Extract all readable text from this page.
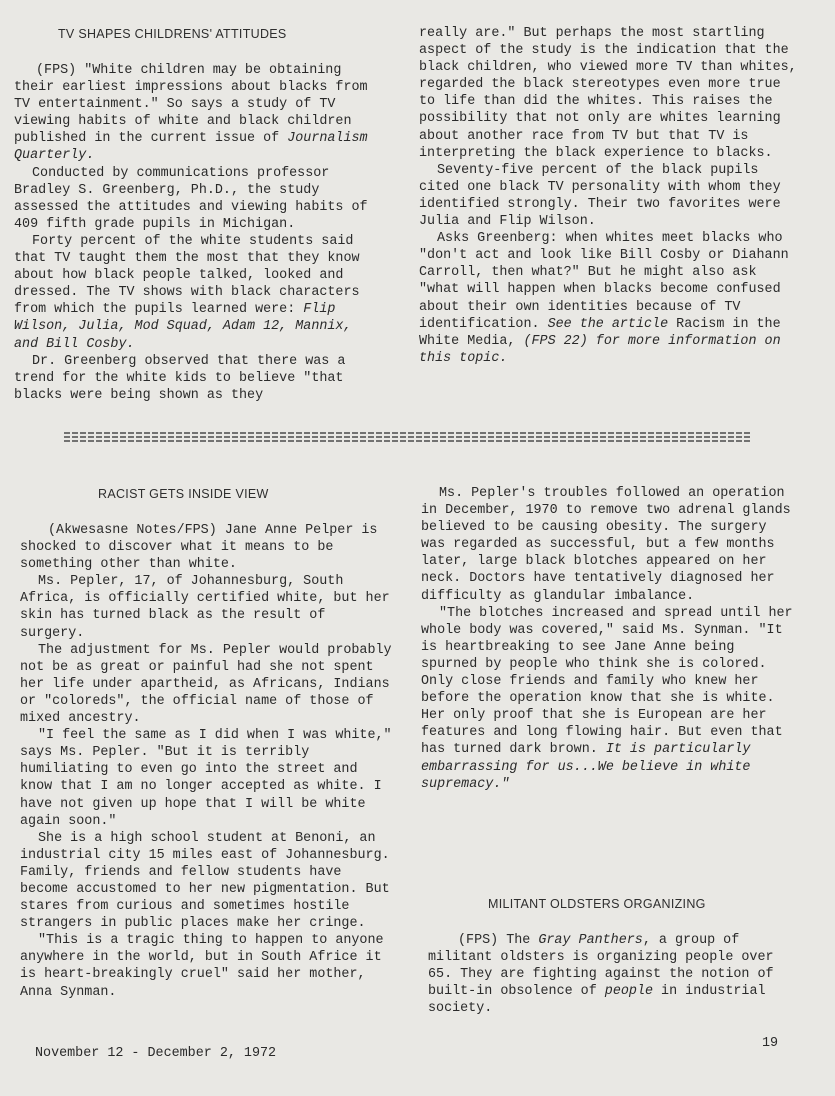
TV SHAPES CHILDRENS' ATTITUDES

(FPS) "White children may be obtaining their earliest impressions about blacks from TV entertainment." So says a study of TV viewing habits of white and black children published in the current issue of Journalism Quarterly.

Conducted by communications professor Bradley S. Greenberg, Ph.D., the study assessed the attitudes and viewing habits of 409 fifth grade pupils in Michigan.

Forty percent of the white students said that TV taught them the most that they know about how black people talked, looked and dressed. The TV shows with black characters from which the pupils learned were: Flip Wilson, Julia, Mod Squad, Adam 12, Mannix, and Bill Cosby.

Dr. Greenberg observed that there was a trend for the white kids to believe "that blacks were being shown as they

really are." But perhaps the most startling aspect of the study is the indication that the black children, who viewed more TV than whites, regarded the black stereotypes even more true to life than did the whites. This raises the possibility that not only are whites learning about another race from TV but that TV is interpreting the black experience to blacks.

Seventy-five percent of the black pupils cited one black TV personality with whom they identified strongly. Their two favorites were Julia and Flip Wilson.

Asks Greenberg: when whites meet blacks who "don't act and look like Bill Cosby or Diahann Carroll, then what?" But he might also ask "what will happen when blacks become confused about their own identities because of TV identification. See the article Racism in the White Media, (FPS 22) for more information on this topic.

RACIST GETS INSIDE VIEW

(Akwesasne Notes/FPS) Jane Anne Pelper is shocked to discover what it means to be something other than white.

Ms. Pepler, 17, of Johannesburg, South Africa, is officially certified white, but her skin has turned black as the result of surgery.

The adjustment for Ms. Pepler would probably not be as great or painful had she not spent her life under apartheid, as Africans, Indians or "coloreds", the official name of those of mixed ancestry.

"I feel the same as I did when I was white," says Ms. Pepler. "But it is terribly humiliating to even go into the street and know that I am no longer accepted as white. I have not given up hope that I will be white again soon."

She is a high school student at Benoni, an industrial city 15 miles east of Johannesburg. Family, friends and fellow students have become accustomed to her new pigmentation. But stares from curious and sometimes hostile strangers in public places make her cringe.

"This is a tragic thing to happen to anyone anywhere in the world, but in South Africe it is heart-breakingly cruel" said her mother, Anna Synman.

Ms. Pepler's troubles followed an operation in December, 1970 to remove two adrenal glands believed to be causing obesity. The surgery was regarded as successful, but a few months later, large black blotches appeared on her neck. Doctors have tentatively diagnosed her difficulty as glandular imbalance.

"The blotches increased and spread until her whole body was covered," said Ms. Synman. "It is heartbreaking to see Jane Anne being spurned by people who think she is colored. Only close friends and family who knew her before the operation know that she is white. Her only proof that she is European are her features and long flowing hair. But even that has turned dark brown. It is particularly embarrassing for us...We believe in white supremacy."

MILITANT OLDSTERS ORGANIZING

(FPS) The Gray Panthers, a group of militant oldsters is organizing people over 65. They are fighting against the notion of built-in obsolence of people in industrial society.

November 12 - December 2, 1972
19
